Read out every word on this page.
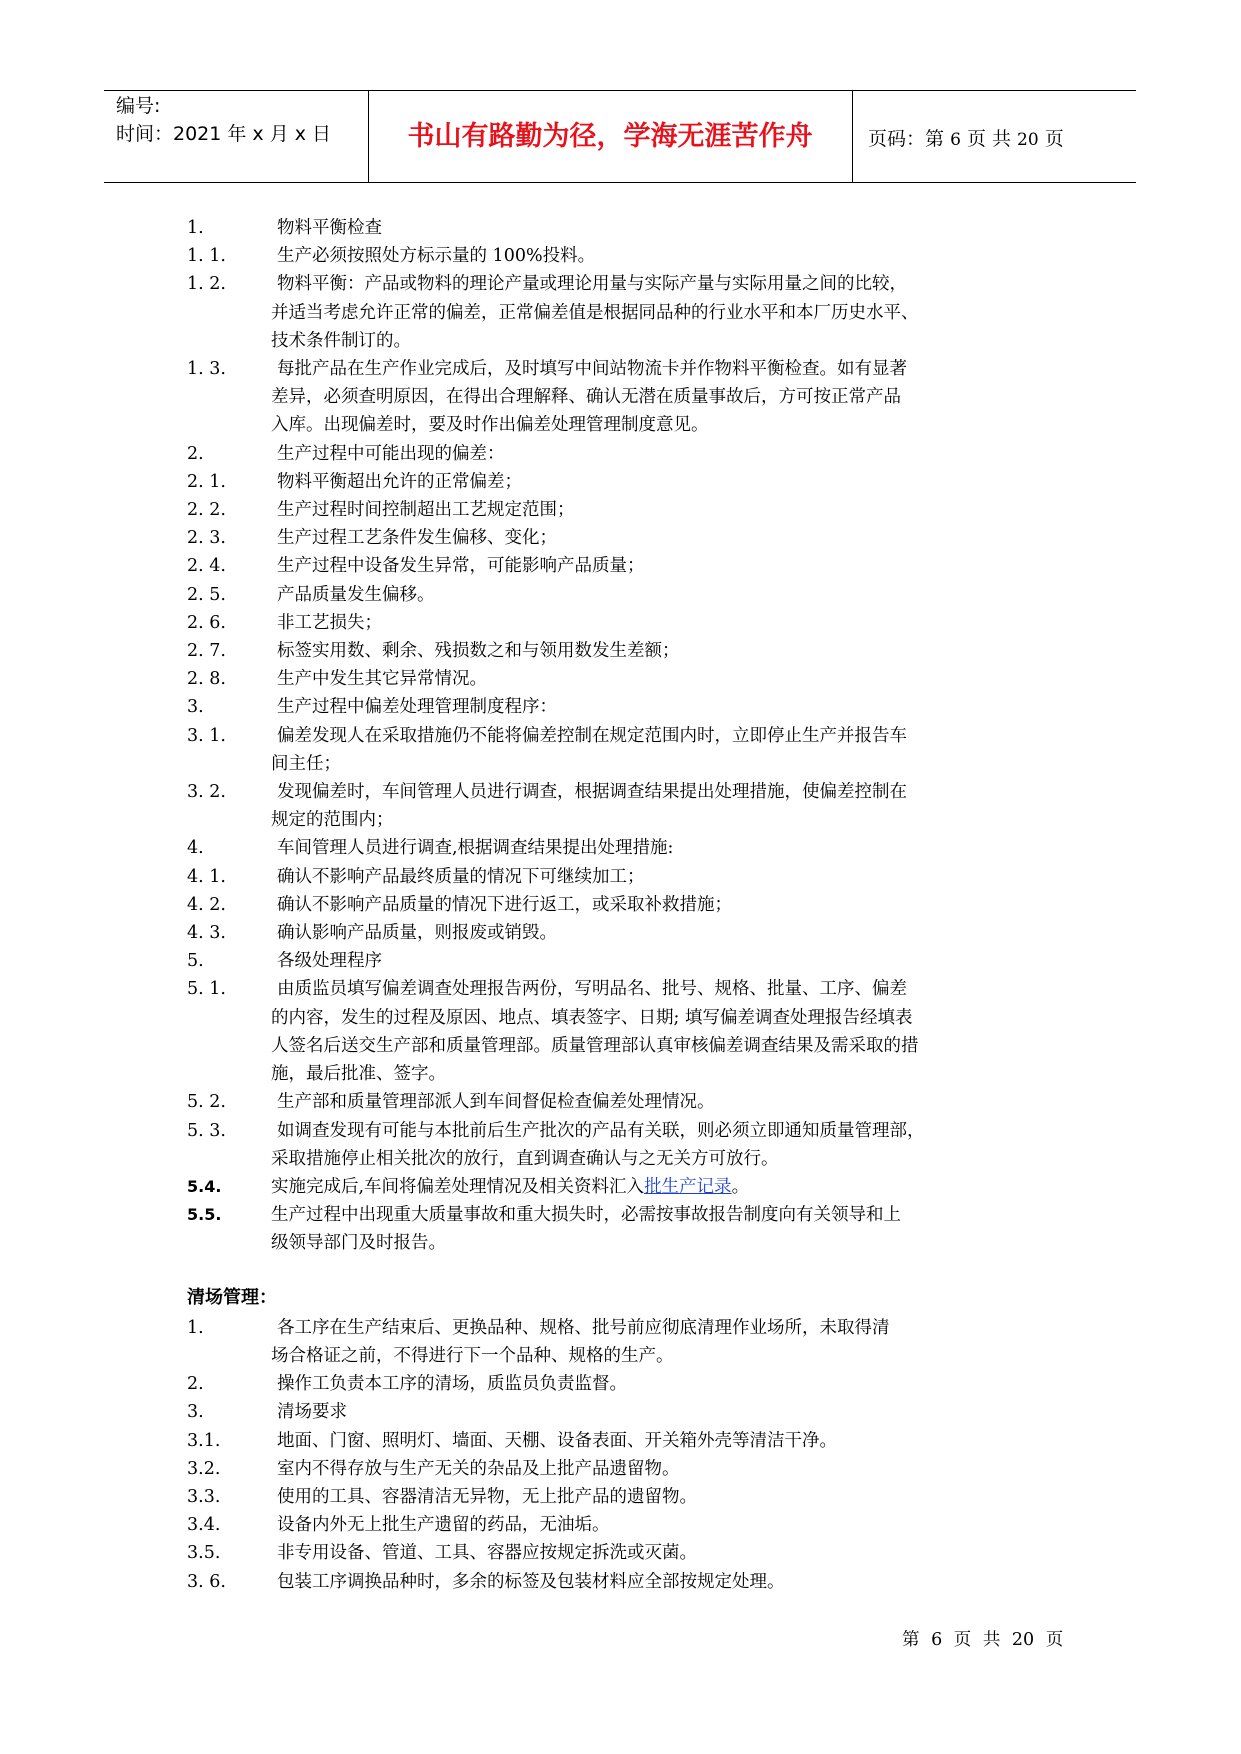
编号:
时间：2021 年 x 月 x 日	书山有路勤为径，学海无涯苦作舟	页码：第 6 页 共 20 页
1.	物料平衡检查
1. 1.	生产必须按照处方标示量的 100%投料。
1. 2.	物料平衡：产品或物料的理论产量或理论用量与实际产量与实际用量之间的比较，
并适当考虑允许正常的偏差，正常偏差值是根据同品种的行业水平和本厂历史水平、
技术条件制订的。
1. 3.	每批产品在生产作业完成后，及时填写中间站物流卡并作物料平衡检查。如有显著
差异，必须查明原因，在得出合理解释、确认无潜在质量事故后，方可按正常产品
入库。出现偏差时，要及时作出偏差处理管理制度意见。
2.	生产过程中可能出现的偏差：
2. 1.	物料平衡超出允许的正常偏差；
2. 2.	生产过程时间控制超出工艺规定范围；
2. 3.	生产过程工艺条件发生偏移、变化；
2. 4.	生产过程中设备发生异常，可能影响产品质量；
2. 5.	产品质量发生偏移。
2. 6.	非工艺损失；
2. 7.	标签实用数、剩余、残损数之和与领用数发生差额；
2. 8.	生产中发生其它异常情况。
3.	生产过程中偏差处理管理制度程序：
3. 1.	偏差发现人在采取措施仍不能将偏差控制在规定范围内时，立即停止生产并报告车
间主任；
3. 2.	发现偏差时，车间管理人员进行调查，根据调查结果提出处理措施，使偏差控制在
规定的范围内；
4.	车间管理人员进行调查,根据调查结果提出处理措施:
4. 1.	确认不影响产品最终质量的情况下可继续加工；
4. 2.	确认不影响产品质量的情况下进行返工，或采取补救措施；
4. 3.	确认影响产品质量，则报废或销毁。
5.	各级处理程序
5. 1.	由质监员填写偏差调查处理报告两份，写明品名、批号、规格、批量、工序、偏差
的内容，发生的过程及原因、地点、填表签字、日期; 填写偏差调查处理报告经填表
人签名后送交生产部和质量管理部。质量管理部认真审核偏差调查结果及需采取的措
施，最后批准、签字。
5. 2.	生产部和质量管理部派人到车间督促检查偏差处理情况。
5. 3.	如调查发现有可能与本批前后生产批次的产品有关联，则必须立即通知质量管理部，
采取措施停止相关批次的放行，直到调查确认与之无关方可放行。
5.4.	实施完成后,车间将偏差处理情况及相关资料汇入批生产记录。
5.5.	生产过程中出现重大质量事故和重大损失时，必需按事故报告制度向有关领导和上
级领导部门及时报告。
清场管理：
1.	各工序在生产结束后、更换品种、规格、批号前应彻底清理作业场所，未取得清
场合格证之前，不得进行下一个品种、规格的生产。
2.	操作工负责本工序的清场，质监员负责监督。
3.	清场要求
3.1.	地面、门窗、照明灯、墙面、天棚、设备表面、开关箱外壳等清洁干净。
3.2.	室内不得存放与生产无关的杂品及上批产品遗留物。
3.3.	使用的工具、容器清洁无异物，无上批产品的遗留物。
3.4.	设备内外无上批生产遗留的药品，无油垢。
3.5.	非专用设备、管道、工具、容器应按规定拆洗或灭菌。
3. 6.	包装工序调换品种时，多余的标签及包装材料应全部按规定处理。
第 6 页 共 20 页
